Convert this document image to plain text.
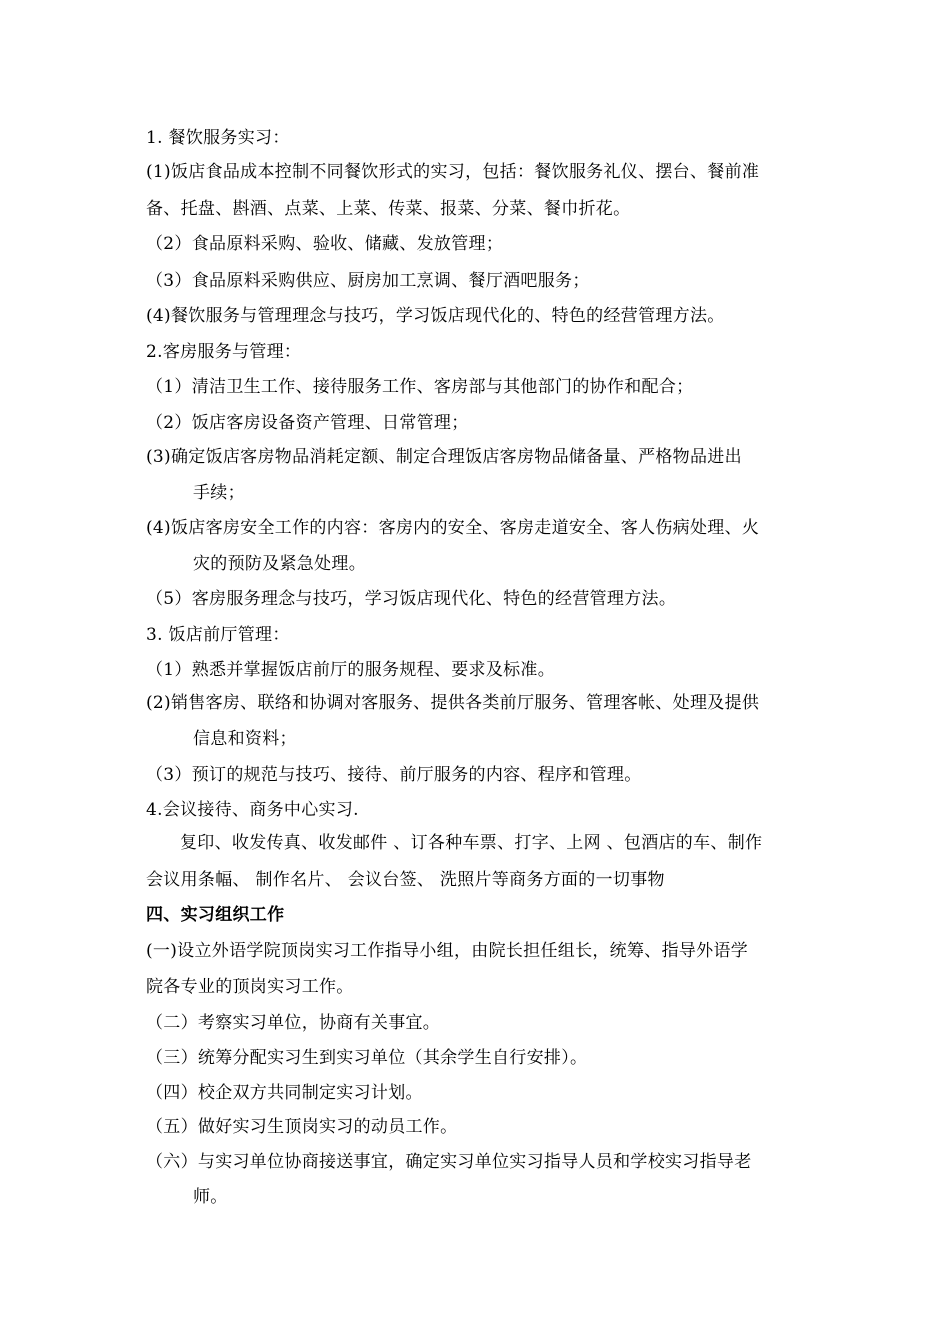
1. 餐饮服务实习：
(1)饭店食品成本控制不同餐饮形式的实习，包括：餐饮服务礼仪、摆台、餐前准
备、托盘、斟酒、点菜、上菜、传菜、报菜、分菜、餐巾折花。
（2）食品原料采购、验收、储藏、发放管理；
（3）食品原料采购供应、厨房加工烹调、餐厅酒吧服务；
(4)餐饮服务与管理理念与技巧，学习饭店现代化的、特色的经营管理方法。
2.客房服务与管理：
（1）清洁卫生工作、接待服务工作、客房部与其他部门的协作和配合；
（2）饭店客房设备资产管理、日常管理；
(3)确定饭店客房物品消耗定额、制定合理饭店客房物品储备量、严格物品进出
手续；
(4)饭店客房安全工作的内容：客房内的安全、客房走道安全、客人伤病处理、火
灾的预防及紧急处理。
（5）客房服务理念与技巧，学习饭店现代化、特色的经营管理方法。
3. 饭店前厅管理：
（1）熟悉并掌握饭店前厅的服务规程、要求及标准。
(2)销售客房、联络和协调对客服务、提供各类前厅服务、管理客帐、处理及提供
信息和资料；
（3）预订的规范与技巧、接待、前厅服务的内容、程序和管理。
4.会议接待、商务中心实习.
复印、收发传真、收发邮件 、订各种车票、打字、上网 、包酒店的车、制作
会议用条幅、 制作名片、 会议台签、 洗照片等商务方面的一切事物
四、实习组织工作
(一)设立外语学院顶岗实习工作指导小组，由院长担任组长，统筹、指导外语学
院各专业的顶岗实习工作。
（二）考察实习单位，协商有关事宜。
（三）统筹分配实习生到实习单位（其余学生自行安排）。
（四）校企双方共同制定实习计划。
（五）做好实习生顶岗实习的动员工作。
（六）与实习单位协商接送事宜，确定实习单位实习指导人员和学校实习指导老
师。
